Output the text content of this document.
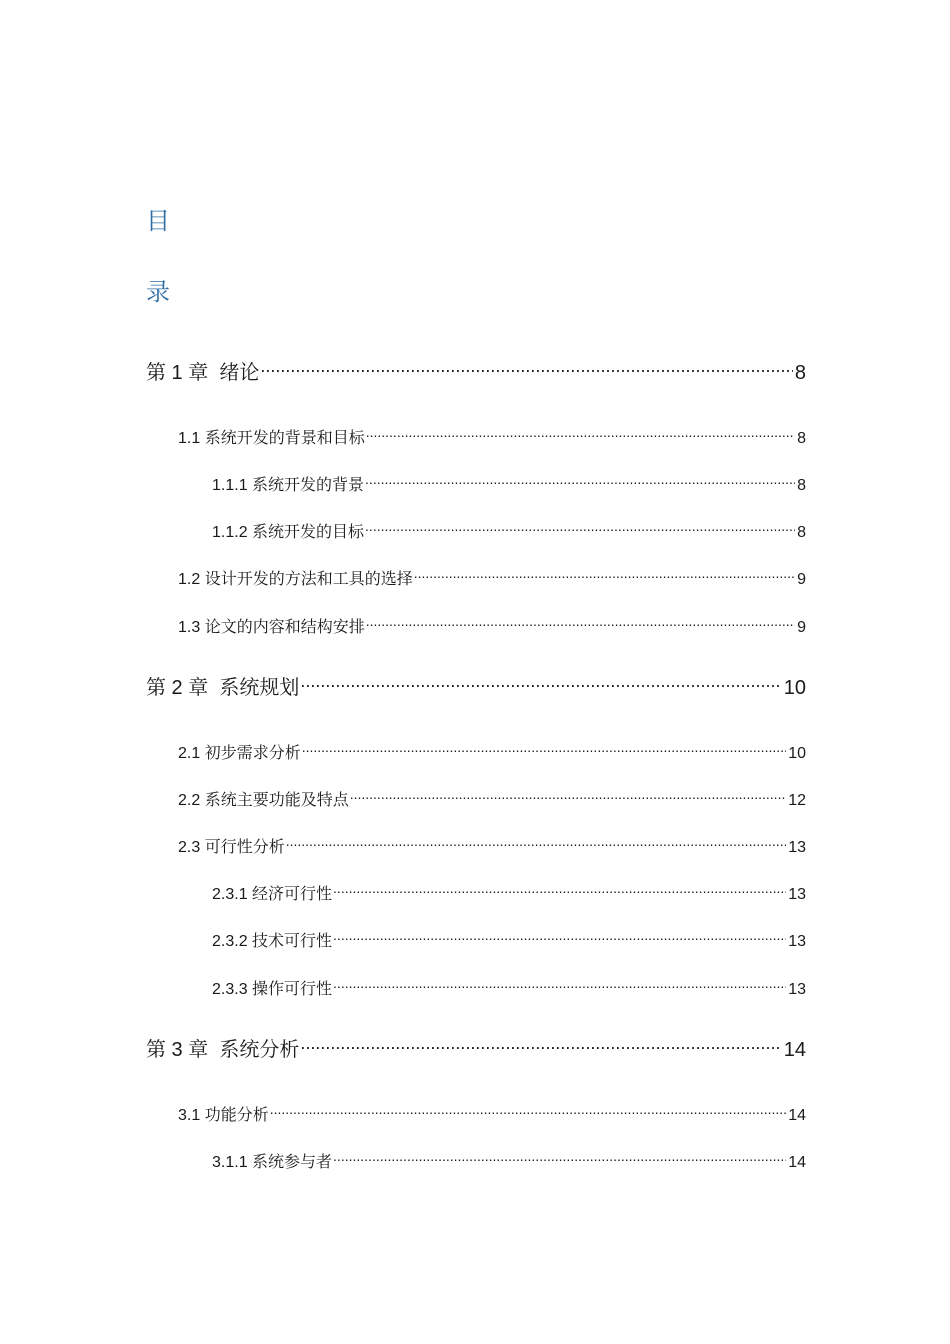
目
录
第 1 章 绪论 .....	8
1.1 系统开发的背景和目标 .....	8
1.1.1 系统开发的背景 .....	8
1.1.2 系统开发的目标 .....	8
1.2 设计开发的方法和工具的选择 .....	9
1.3 论文的内容和结构安排 .....	9
第 2 章 系统规划 .....	10
2.1 初步需求分析 .....	10
2.2 系统主要功能及特点 .....	12
2.3 可行性分析 .....	13
2.3.1 经济可行性 .....	13
2.3.2 技术可行性 .....	13
2.3.3 操作可行性 .....	13
第 3 章 系统分析 .....	14
3.1 功能分析 .....	14
3.1.1 系统参与者 .....	14
